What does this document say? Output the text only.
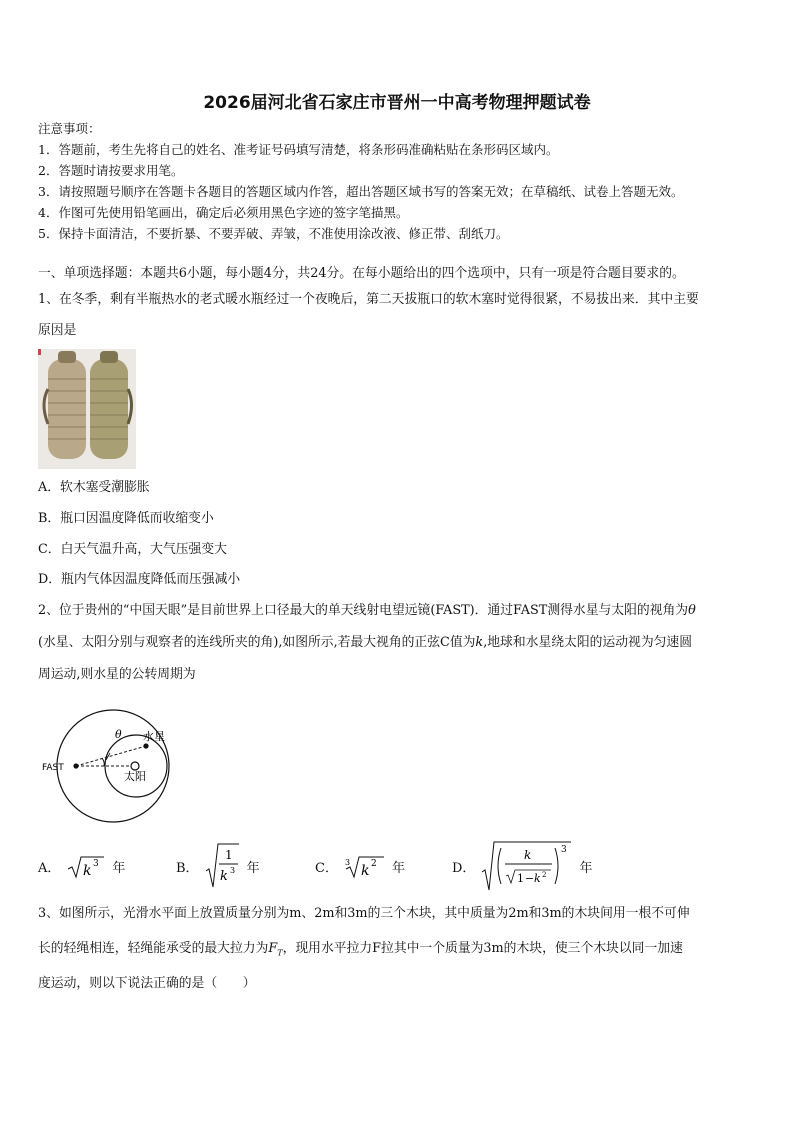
2026届河北省石家庄市晋州一中高考物理押题试卷
注意事项：
1．答题前，考生先将自己的姓名、准考证号码填写清楚，将条形码准确粘贴在条形码区域内。
2．答题时请按要求用笔。
3．请按照题号顺序在答题卡各题目的答题区域内作答，超出答题区域书写的答案无效；在草稿纸、试卷上答题无效。
4．作图可先使用铅笔画出，确定后必须用黑色字迹的签字笔描黑。
5．保持卡面清洁，不要折暴、不要弄破、弄皱，不准使用涂改液、修正带、刮纸刀。
一、单项选择题：本题共6小题，每小题4分，共24分。在每小题给出的四个选项中，只有一项是符合题目要求的。
1、在冬季，剩有半瓶热水的老式暖水瓶经过一个夜晚后，第二天拔瓶口的软木塞时觉得很紧，不易拔出来．其中主要
原因是
A．软木塞受潮膨胀
B．瓶口因温度降低而收缩变小
C．白天气温升高，大气压强变大
D．瓶内气体因温度降低而压强减小
2、位于贵州的“中国天眼”是目前世界上口径最大的单天线射电望远镜(FAST)．通过FAST测得水星与太阳的视角为θ
(水星、太阳分别与观察者的连线所夹的角),如图所示,若最大视角的正弦C值为k,地球和水星绕太阳的运动视为匀速圆
周运动,则水星的公转周期为
FAST
水星
太阳
θ
A． k 3 年	B．
1
k 3 年	C． 3
k 2 年	D．
k
1 − k 2
3
年
3、如图所示，光滑水平面上放置质量分别为m、2m和3m的三个木块，其中质量为2m和3m的木块间用一根不可伸
长的轻绳相连，轻绳能承受的最大拉力为$F_T$，现用水平拉力F拉其中一个质量为3m的木块，使三个木块以同一加速
度运动，则以下说法正确的是（　　）
